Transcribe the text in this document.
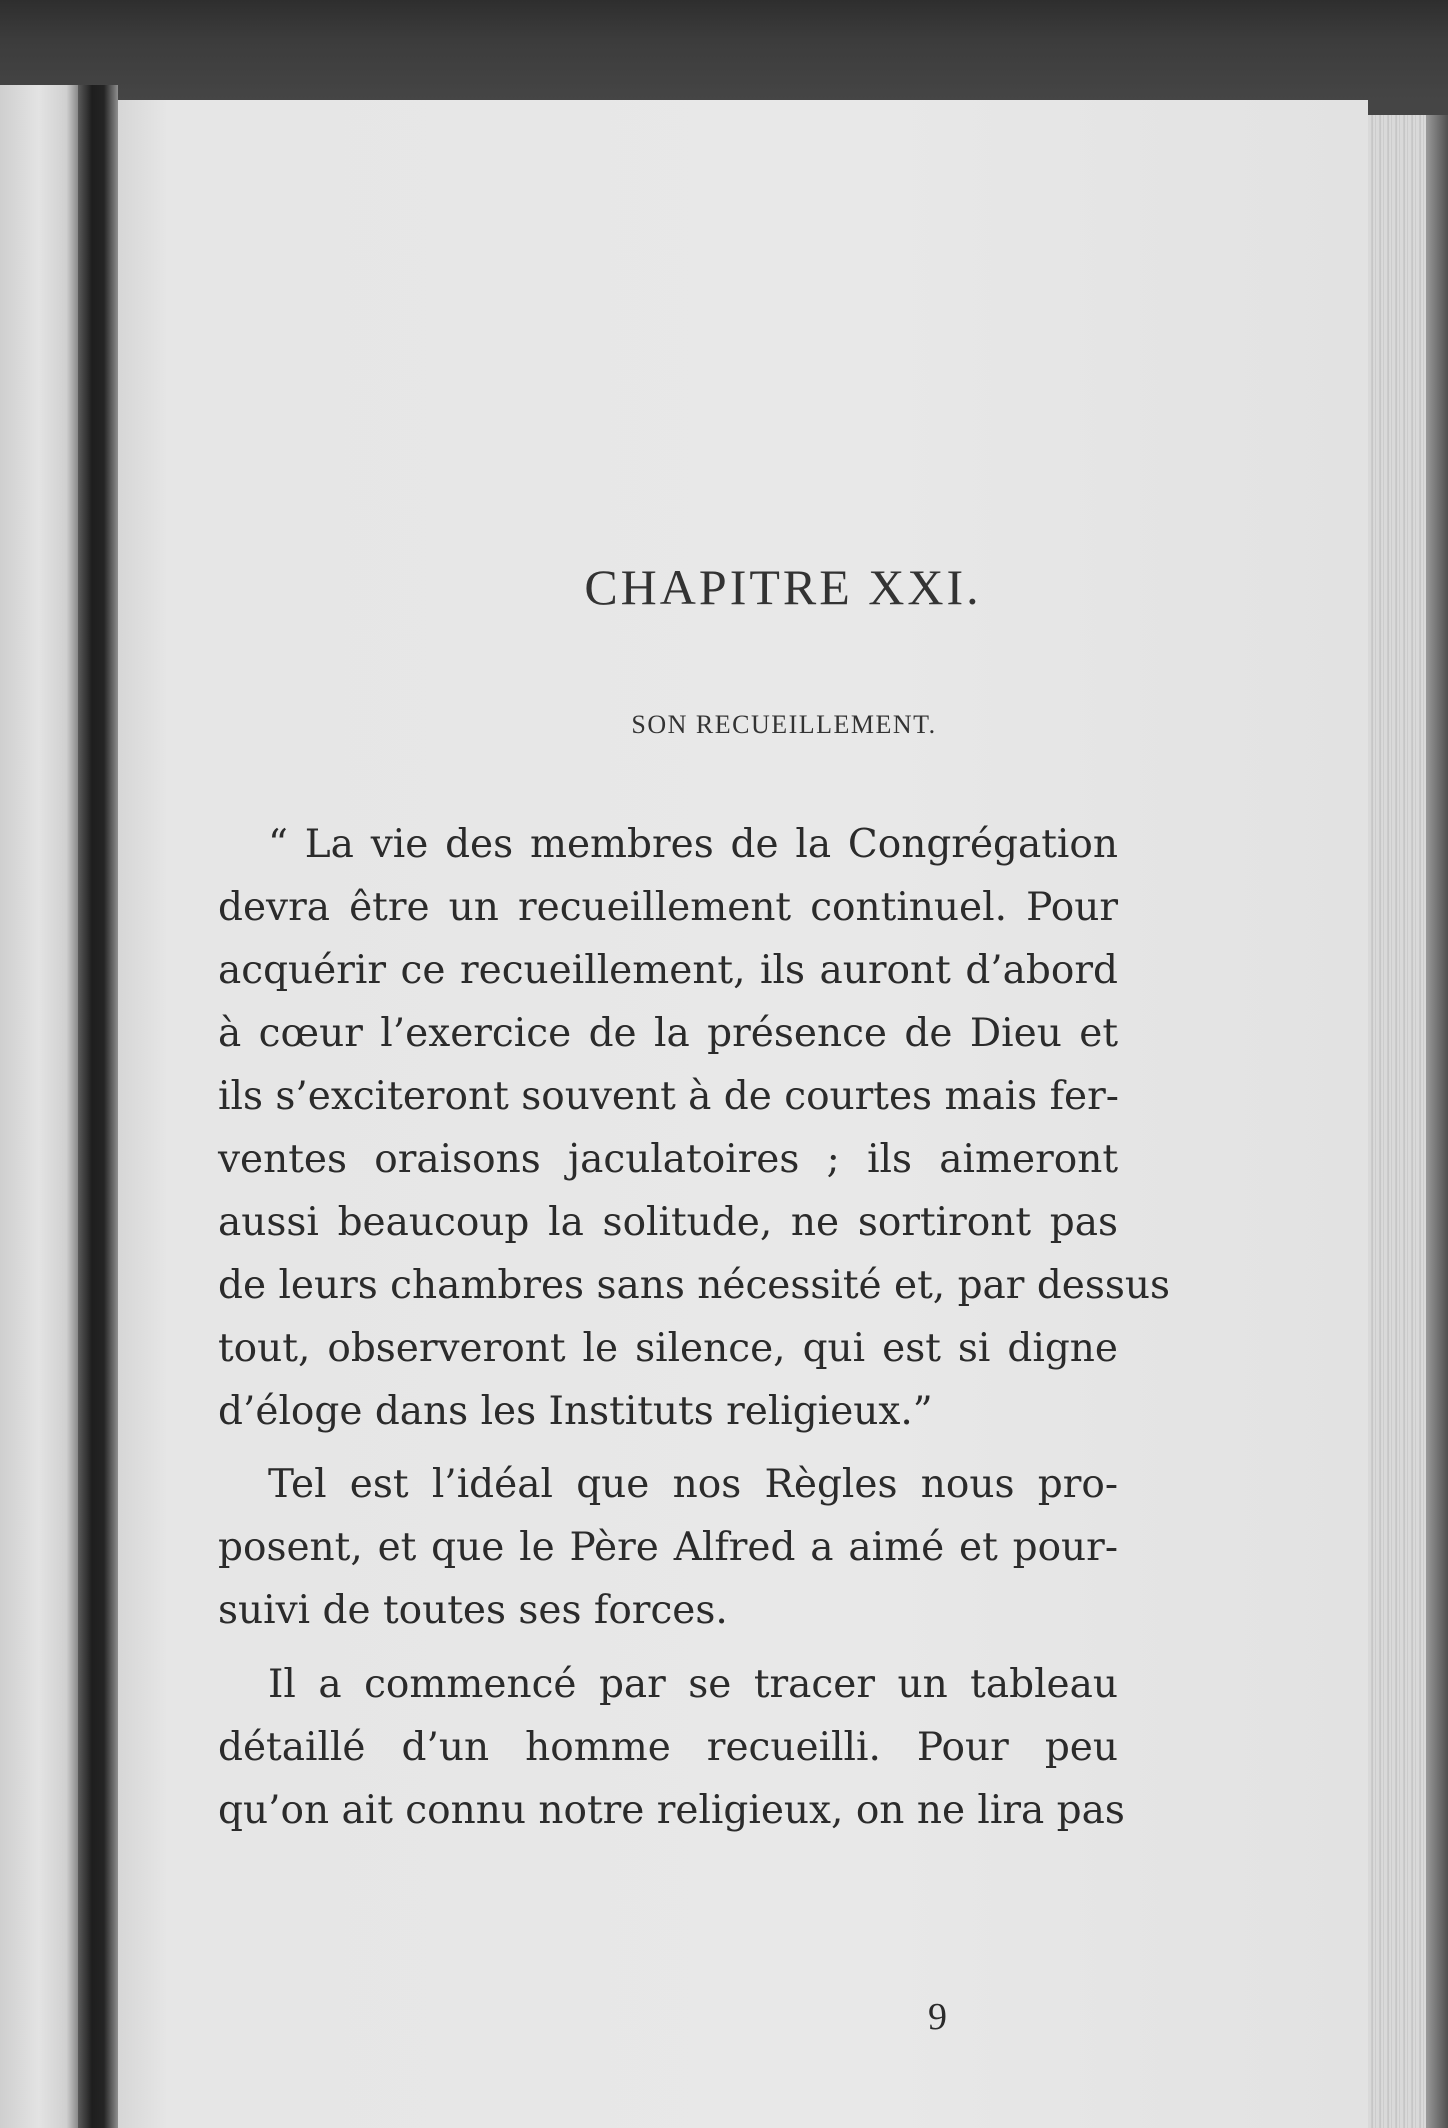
CHAPITRE XXI.
SON RECUEILLEMENT.
“ La vie des membres de la Congrégation
devra être un recueillement continuel. Pour
acquérir ce recueillement, ils auront d’abord
à cœur l’exercice de la présence de Dieu et
ils s’exciteront souvent à de courtes mais fer-
ventes oraisons jaculatoires ; ils aimeront
aussi beaucoup la solitude, ne sortiront pas
de leurs chambres sans nécessité et, par dessus
tout, observeront le silence, qui est si digne
d’éloge dans les Instituts religieux.”
Tel est l’idéal que nos Règles nous pro-
posent, et que le Père Alfred a aimé et pour-
suivi de toutes ses forces.
Il a commencé par se tracer un tableau
détaillé d’un homme recueilli. Pour peu
qu’on ait connu notre religieux, on ne lira pas
9
